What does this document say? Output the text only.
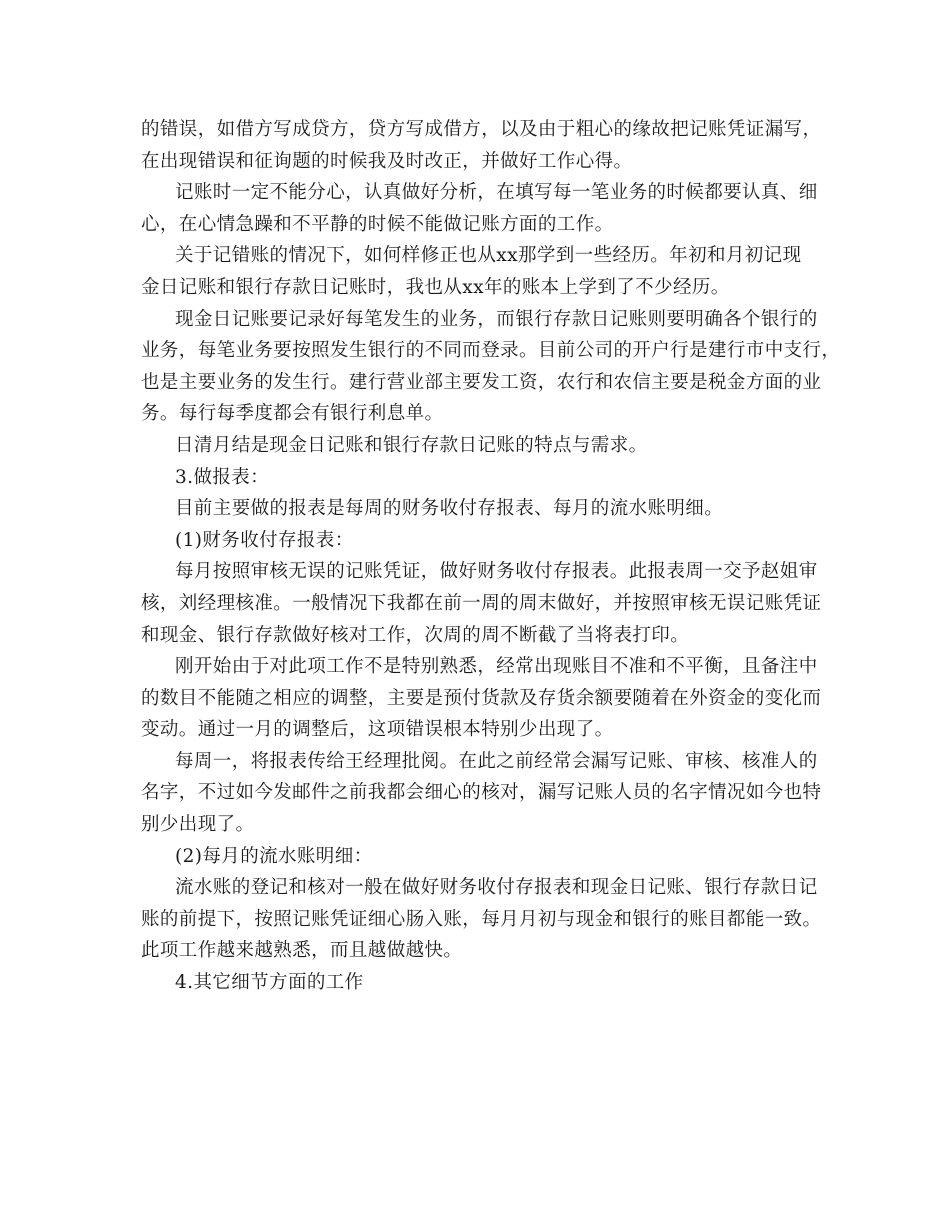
的错误，如借方写成贷方，贷方写成借方，以及由于粗心的缘故把记账凭证漏写，
在出现错误和征询题的时候我及时改正，并做好工作心得。
记账时一定不能分心，认真做好分析，在填写每一笔业务的时候都要认真、细
心，在心情急躁和不平静的时候不能做记账方面的工作。
关于记错账的情况下，如何样修正也从xx那学到一些经历。年初和月初记现
金日记账和银行存款日记账时，我也从xx年的账本上学到了不少经历。
现金日记账要记录好每笔发生的业务，而银行存款日记账则要明确各个银行的
业务，每笔业务要按照发生银行的不同而登录。目前公司的开户行是建行市中支行，
也是主要业务的发生行。建行营业部主要发工资，农行和农信主要是税金方面的业
务。每行每季度都会有银行利息单。
日清月结是现金日记账和银行存款日记账的特点与需求。
3.做报表：
目前主要做的报表是每周的财务收付存报表、每月的流水账明细。
(1)财务收付存报表：
每月按照审核无误的记账凭证，做好财务收付存报表。此报表周一交予赵姐审
核，刘经理核准。一般情况下我都在前一周的周末做好，并按照审核无误记账凭证
和现金、银行存款做好核对工作，次周的周不断截了当将表打印。
刚开始由于对此项工作不是特别熟悉，经常出现账目不准和不平衡，且备注中
的数目不能随之相应的调整，主要是预付货款及存货余额要随着在外资金的变化而
变动。通过一月的调整后，这项错误根本特别少出现了。
每周一，将报表传给王经理批阅。在此之前经常会漏写记账、审核、核准人的
名字，不过如今发邮件之前我都会细心的核对，漏写记账人员的名字情况如今也特
别少出现了。
(2)每月的流水账明细：
流水账的登记和核对一般在做好财务收付存报表和现金日记账、银行存款日记
账的前提下，按照记账凭证细心肠入账，每月月初与现金和银行的账目都能一致。
此项工作越来越熟悉，而且越做越快。
4.其它细节方面的工作
